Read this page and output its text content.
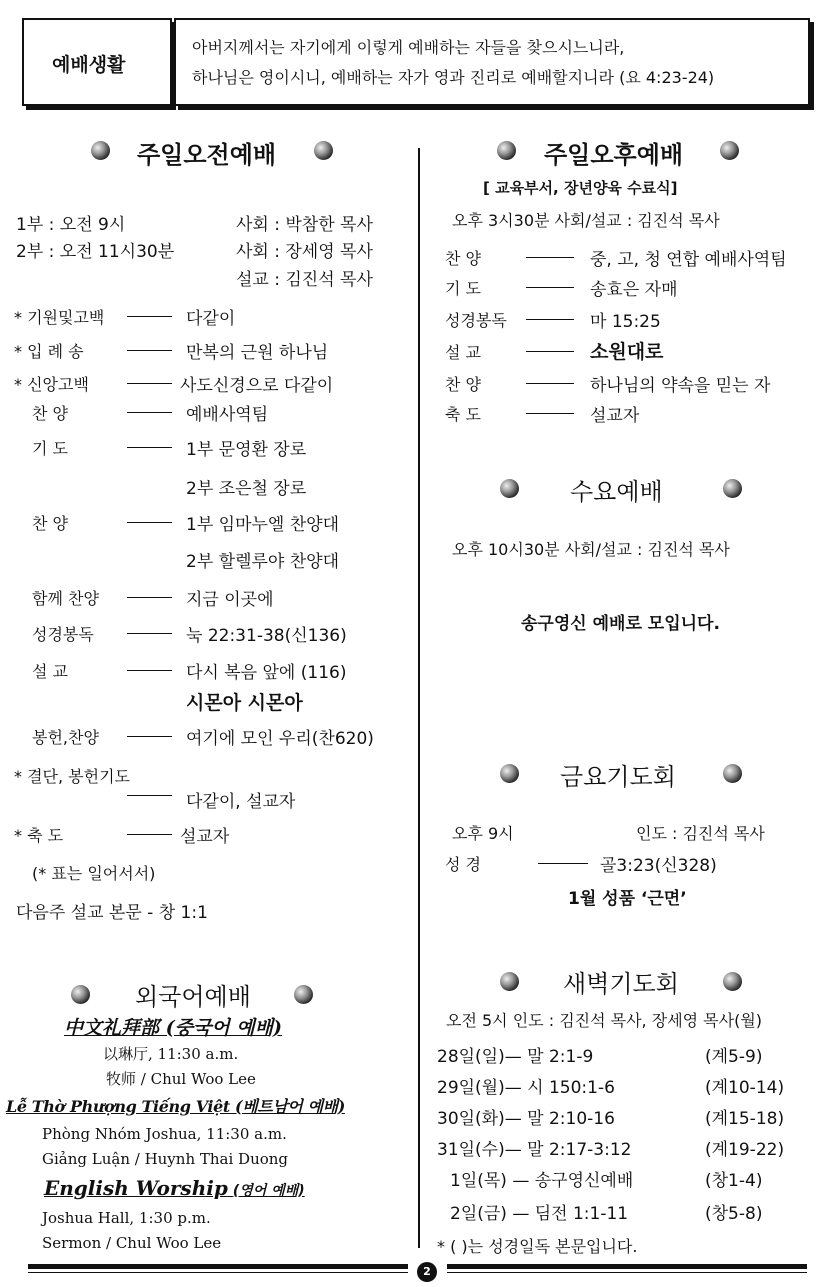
예배생활
아버지께서는 자기에게 이렇게 예배하는 자들을 찾으시느니라,
하나님은 영이시니, 예배하는 자가 영과 진리로 예배할지니라 (요 4:23-24)
주일오전예배
1부 : 오전 9시	사회 : 박참한 목사
2부 : 오전 11시30분	사회 : 장세영 목사
설교 : 김진석 목사
* 기원및고백	다같이
* 입 례 송	만복의 근원 하나님
* 신앙고백	사도신경으로 다같이
찬 양	예배사역팀
기 도	1부 문영환 장로
2부 조은철 장로
찬 양	1부 임마누엘 찬양대
2부 할렐루야 찬양대
함께 찬양	지금 이곳에
성경봉독	눅 22:31-38(신136)
설 교	다시 복음 앞에 (116)
시몬아 시몬아
봉헌,찬양	여기에 모인 우리(찬620)
* 결단, 봉헌기도
다같이, 설교자
* 축 도	설교자
(* 표는 일어서서)
다음주 설교 본문 - 창 1:1
외국어예배
中文礼拜部 (중국어 예배)
以琳厅, 11:30 a.m.
牧师 / Chul Woo Lee
Lễ Thờ Phượng Tiếng Việt (베트남어 예배)
Phòng Nhóm Joshua, 11:30 a.m.
Giảng Luận / Huynh Thai Duong
English Worship (영어 예배)
Joshua Hall, 1:30 p.m.
Sermon / Chul Woo Lee
주일오후예배
[ 교육부서, 장년양육 수료식]
오후 3시30분 사회/설교 : 김진석 목사
찬 양	중, 고, 청 연합 예배사역팀
기 도	송효은 자매
성경봉독	마 15:25
설 교	소원대로
찬 양	하나님의 약속을 믿는 자
축 도	설교자
수요예배
오후 10시30분 사회/설교 : 김진석 목사
송구영신 예배로 모입니다.
금요기도회
오후 9시	인도 : 김진석 목사
성 경	골3:23(신328)
1월 성품 ‘근면’
새벽기도회
오전 5시 인도 : 김진석 목사, 장세영 목사(월)
28일(일)— 말 2:1-9	(계5-9)
29일(월)— 시 150:1-6	(계10-14)
30일(화)— 말 2:10-16	(계15-18)
31일(수)— 말 2:17-3:12	(계19-22)
1일(목) — 송구영신예배	(창1-4)
2일(금) — 딤전 1:1-11	(창5-8)
* ( )는 성경일독 본문입니다.
2
